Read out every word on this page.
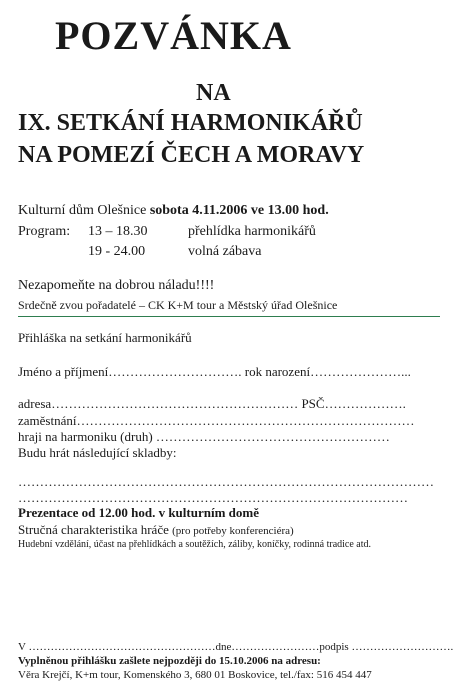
POZVÁNKA
NA
IX. SETKÁNÍ HARMONIKÁŘŮ
NA POMEZÍ ČECH A MORAVY
Kulturní dům Olešnice sobota 4.11.2006 ve 13.00 hod.
Program: 13 – 18.30	přehlídka harmonikářů
19 - 24.00	volná zábava
Nezapomeňte na dobrou náladu!!!!
Srdečně zvou pořadatelé – CK K+M tour a Městský úřad Olešnice
Přihláška na setkání harmonikářů
Jméno a příjmení…………………………. rok narození…………………...
adresa………………………………………………… PSČ……………….
zaměstnání……………………………………………………………………
hraji na harmoniku (druh) ………………………………………………
Budu hrát následující skladby:
……………………………………………………………………………………
………………………………………………………………………………
Prezentace od 12.00 hod. v kulturním domě
Stručná charakteristika hráče (pro potřeby konferenciéra)
Hudební vzdělání, účast na přehlídkách a soutěžích, záliby, koníčky, rodinná tradice atd.
V ……………………………………………dne……………………podpis ……………………….
Vyplněnou přihlášku zašlete nejpozději do 15.10.2006 na adresu:
Věra Krejčí, K+m tour, Komenského 3, 680 01 Boskovice, tel./fax: 516 454 447
